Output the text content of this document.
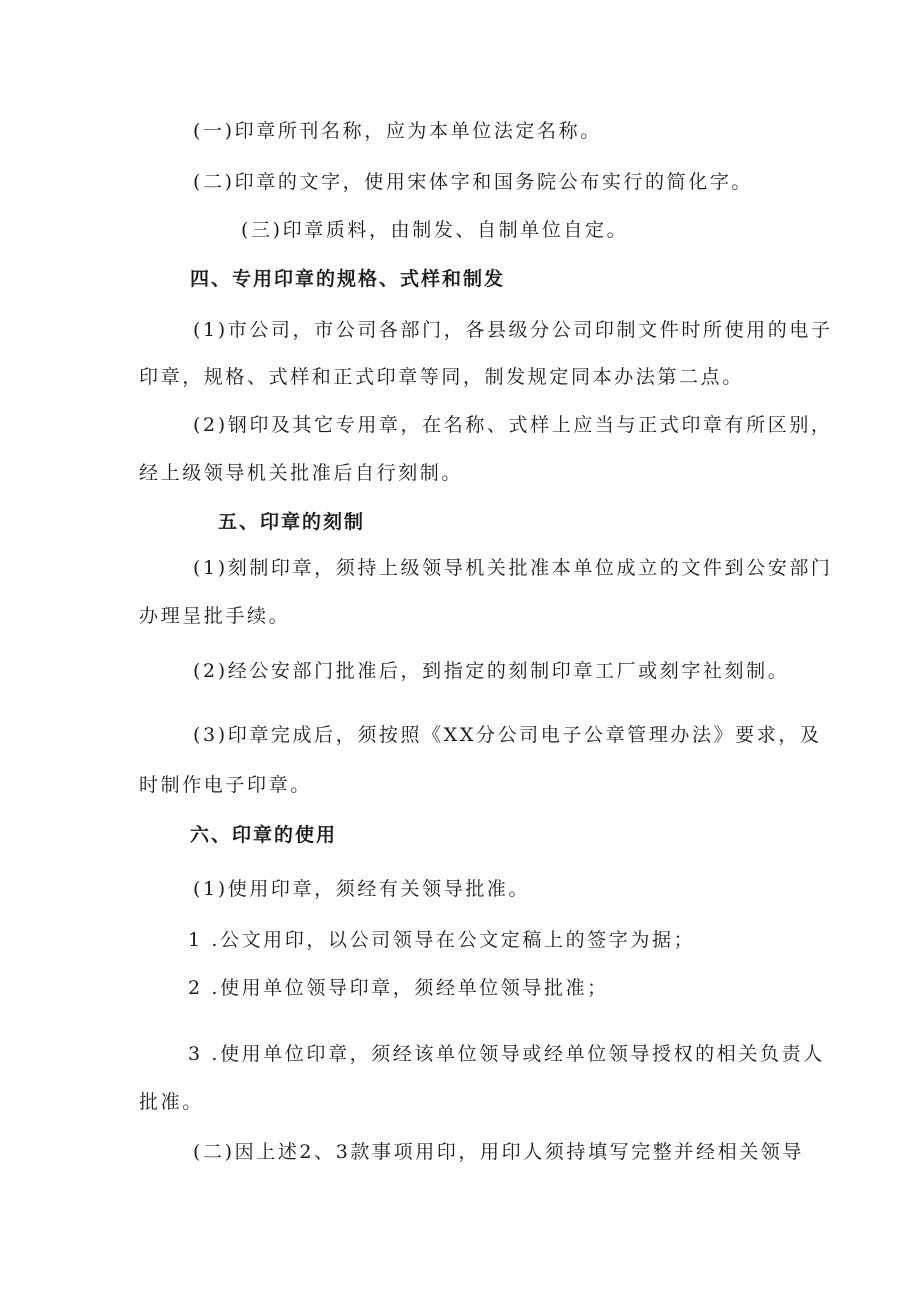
(一)印章所刊名称，应为本单位法定名称。
(二)印章的文字，使用宋体字和国务院公布实行的简化字。
(三)印章质料，由制发、自制单位自定。
四、专用印章的规格、式样和制发
(1)市公司，市公司各部门，各县级分公司印制文件时所使用的电子
印章，规格、式样和正式印章等同，制发规定同本办法第二点。
(2)钢印及其它专用章，在名称、式样上应当与正式印章有所区别，
经上级领导机关批准后自行刻制。
五、印章的刻制
(1)刻制印章，须持上级领导机关批准本单位成立的文件到公安部门
办理呈批手续。
(2)经公安部门批准后，到指定的刻制印章工厂或刻字社刻制。
(3)印章完成后，须按照《XX分公司电子公章管理办法》要求，及
时制作电子印章。
六、印章的使用
(1)使用印章，须经有关领导批准。
1 .公文用印，以公司领导在公文定稿上的签字为据；
2 .使用单位领导印章，须经单位领导批准；
3 .使用单位印章，须经该单位领导或经单位领导授权的相关负责人
批准。
(二)因上述2、3款事项用印，用印人须持填写完整并经相关领导
